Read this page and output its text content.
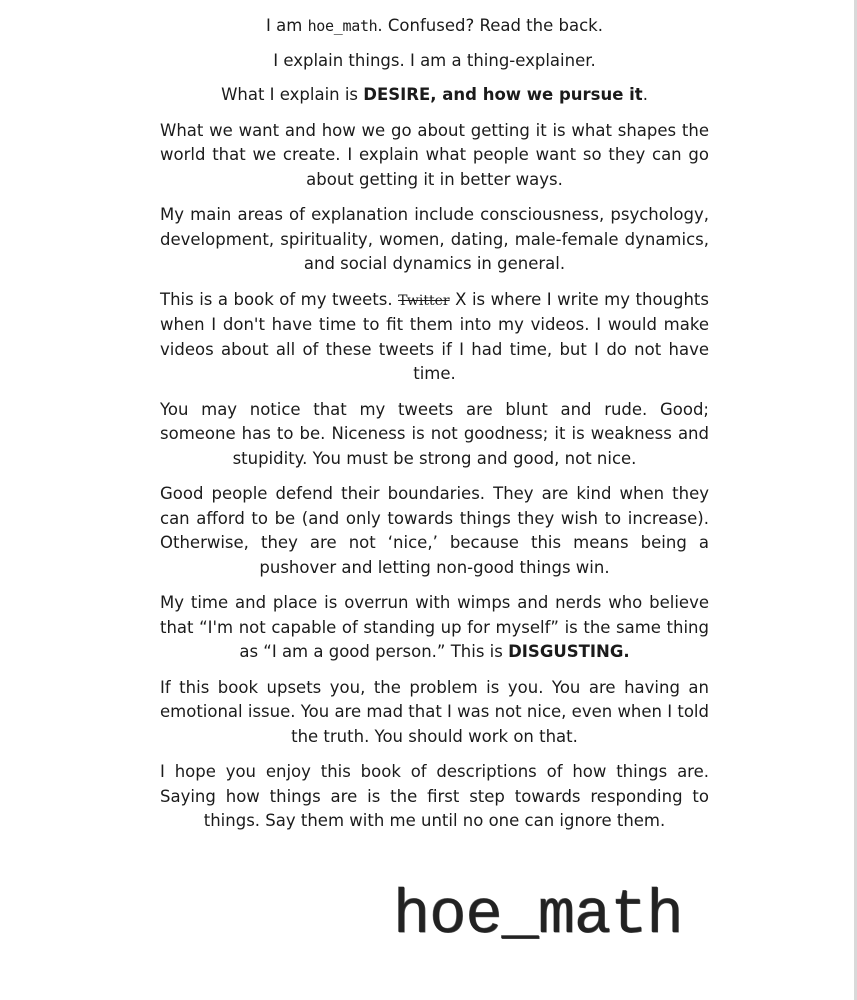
I am hoe_math. Confused? Read the back.

I explain things. I am a thing-explainer.

What I explain is DESIRE, and how we pursue it.

What we want and how we go about getting it is what shapes the world that we create. I explain what people want so they can go about getting it in better ways.

My main areas of explanation include consciousness, psychology, development, spirituality, women, dating, male-female dynamics, and social dynamics in general.

This is a book of my tweets. Twitter X is where I write my thoughts when I don't have time to fit them into my videos. I would make videos about all of these tweets if I had time, but I do not have time.

You may notice that my tweets are blunt and rude. Good; someone has to be. Niceness is not goodness; it is weakness and stupidity. You must be strong and good, not nice.

Good people defend their boundaries. They are kind when they can afford to be (and only towards things they wish to increase). Otherwise, they are not ‘nice,’ because this means being a pushover and letting non-good things win.

My time and place is overrun with wimps and nerds who believe that “I'm not capable of standing up for myself” is the same thing as “I am a good person.” This is DISGUSTING.

If this book upsets you, the problem is you. You are having an emotional issue. You are mad that I was not nice, even when I told the truth. You should work on that.

I hope you enjoy this book of descriptions of how things are. Saying how things are is the first step towards responding to things. Say them with me until no one can ignore them.

hoe_math
